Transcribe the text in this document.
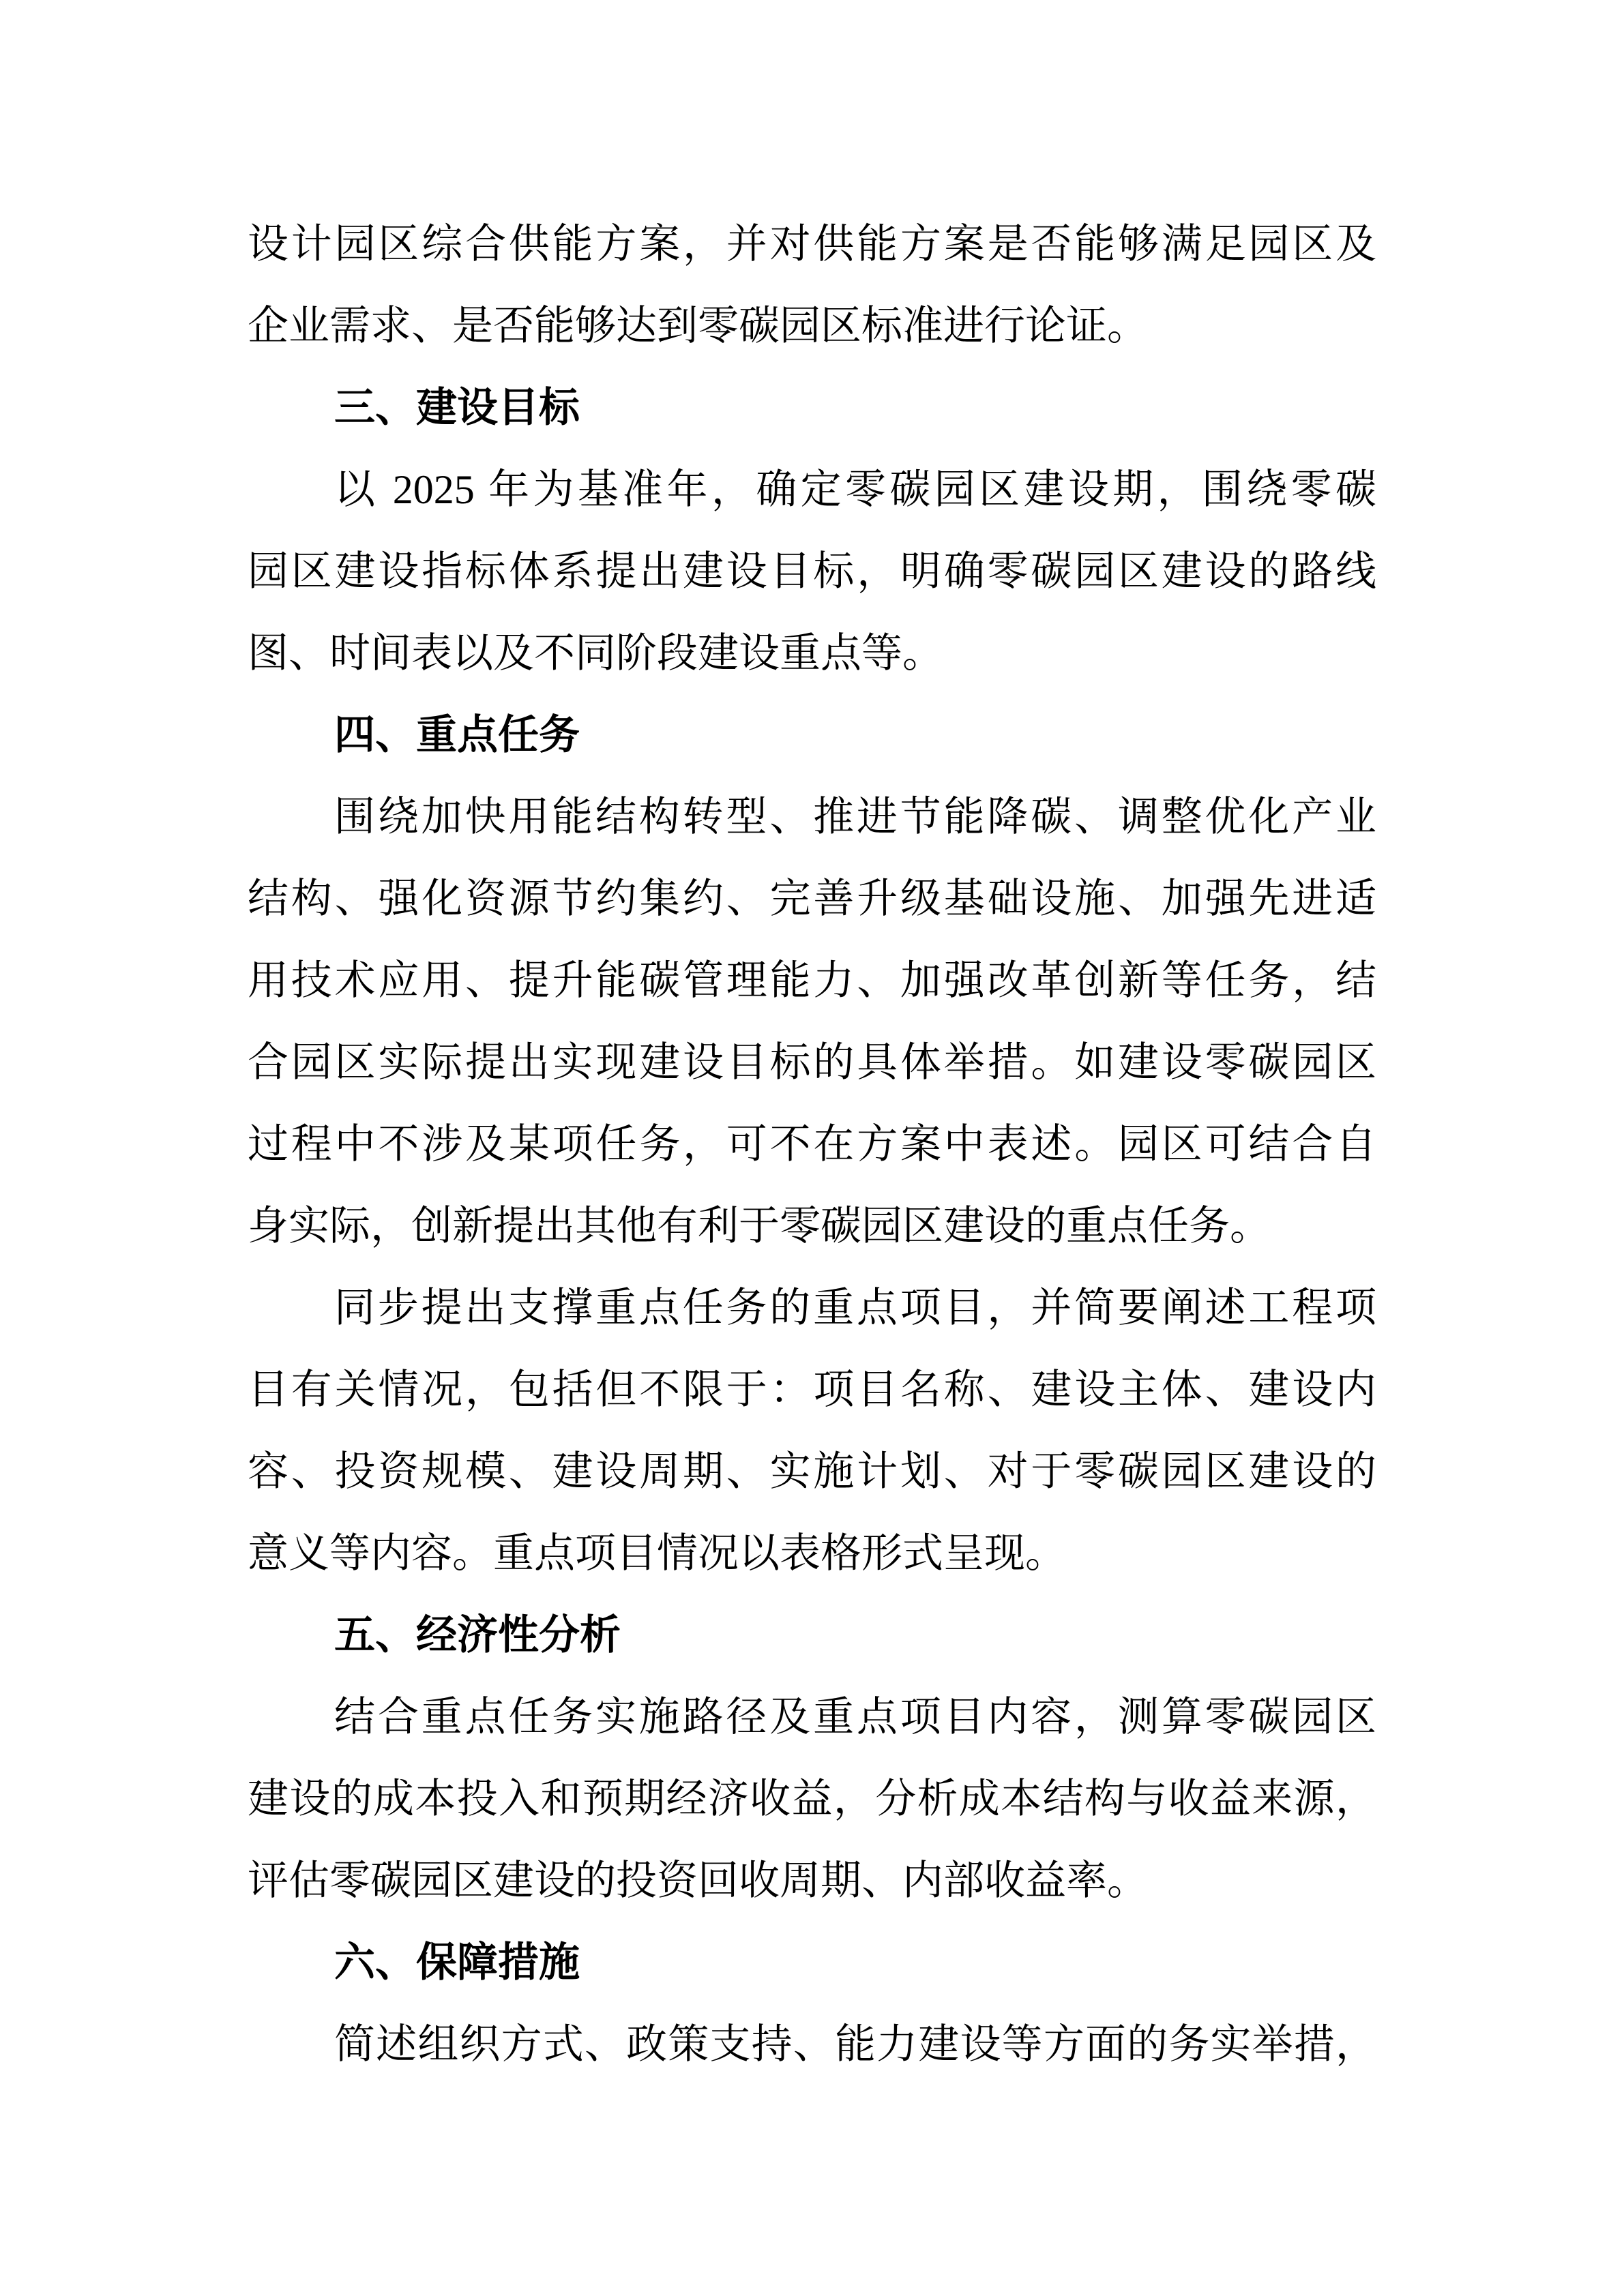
设计园区综合供能方案，并对供能方案是否能够满足园区及
企业需求、是否能够达到零碳园区标准进行论证。
三、建设目标
以 2025 年为基准年，确定零碳园区建设期，围绕零碳
园区建设指标体系提出建设目标，明确零碳园区建设的路线
图、时间表以及不同阶段建设重点等。
四、重点任务
围绕加快用能结构转型、推进节能降碳、调整优化产业
结构、强化资源节约集约、完善升级基础设施、加强先进适
用技术应用、提升能碳管理能力、加强改革创新等任务，结
合园区实际提出实现建设目标的具体举措。如建设零碳园区
过程中不涉及某项任务，可不在方案中表述。园区可结合自
身实际，创新提出其他有利于零碳园区建设的重点任务。
同步提出支撑重点任务的重点项目，并简要阐述工程项
目有关情况，包括但不限于：项目名称、建设主体、建设内
容、投资规模、建设周期、实施计划、对于零碳园区建设的
意义等内容。重点项目情况以表格形式呈现。
五、经济性分析
结合重点任务实施路径及重点项目内容，测算零碳园区
建设的成本投入和预期经济收益，分析成本结构与收益来源，
评估零碳园区建设的投资回收周期、内部收益率。
六、保障措施
简述组织方式、政策支持、能力建设等方面的务实举措，
